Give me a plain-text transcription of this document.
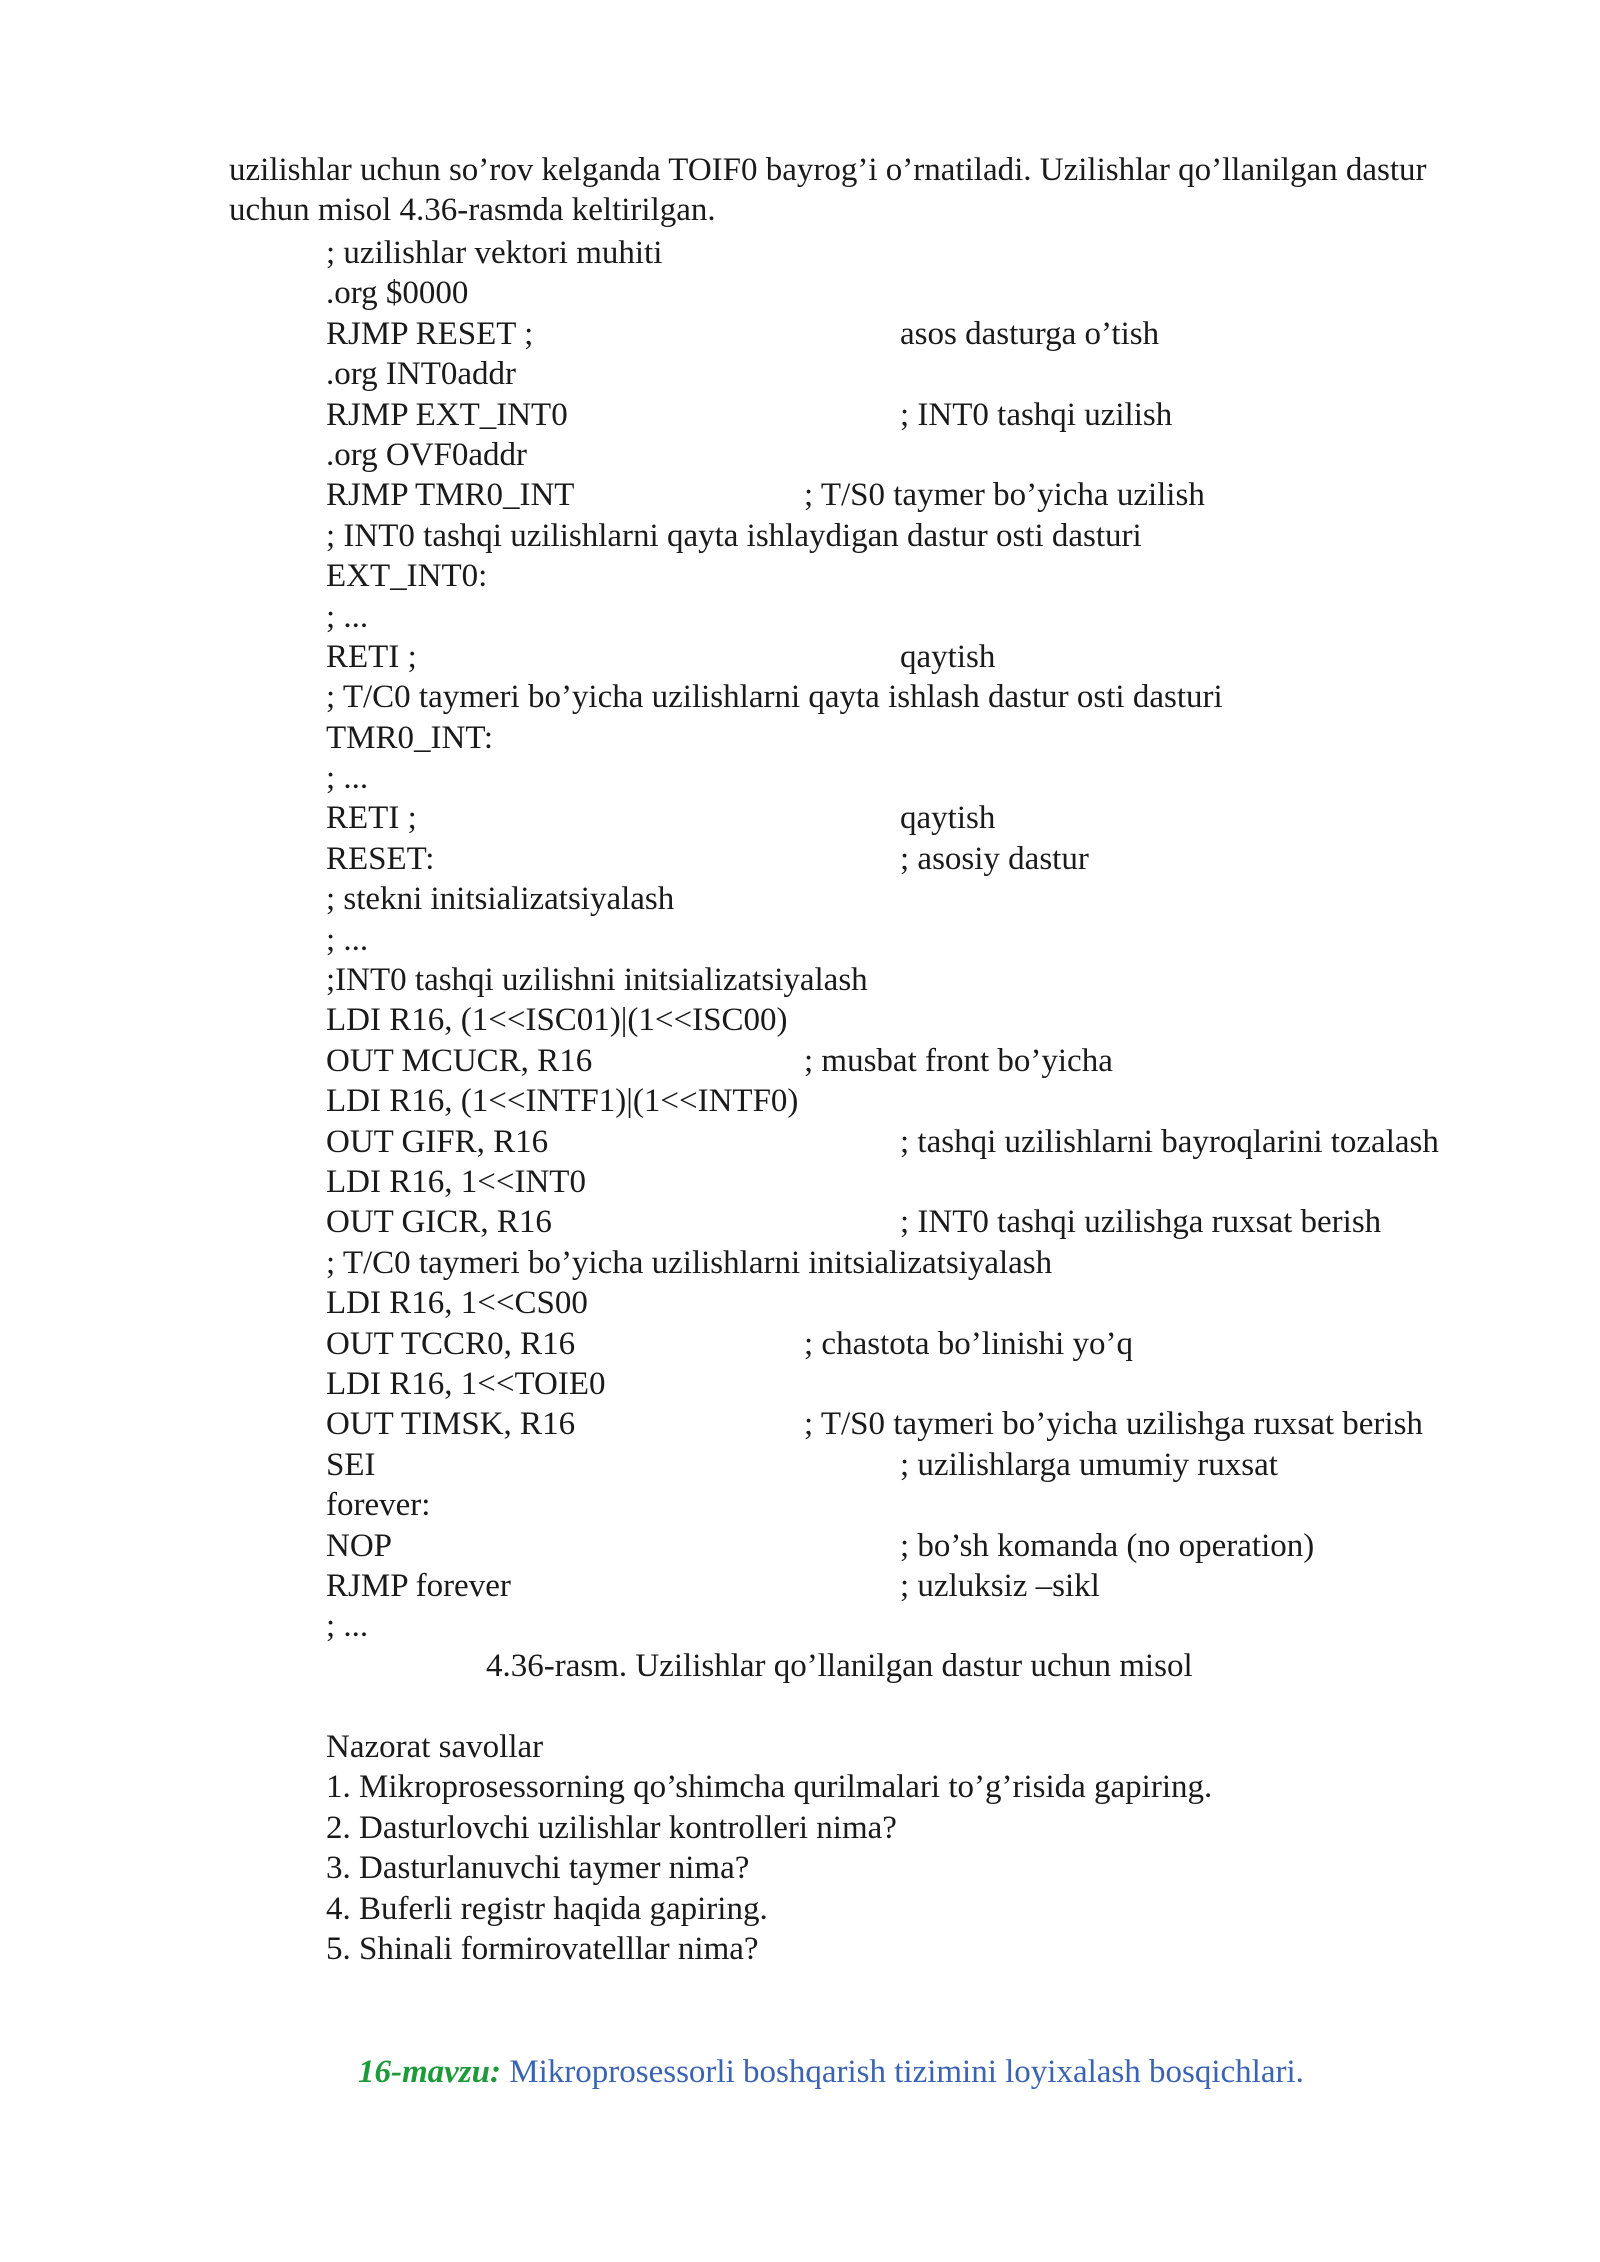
uzilishlar uchun so’rov kelganda TOIF0 bayrog’i o’rnatiladi. Uzilishlar qo’llanilgan dastur uchun misol 4.36-rasmda keltirilgan.

; uzilishlar vektori muhiti
.org $0000
RJMP RESET ;	asos dasturga o’tish
.org INT0addr
RJMP EXT_INT0	; INT0 tashqi uzilish
.org OVF0addr
RJMP TMR0_INT	; T/S0 taymer bo’yicha uzilish
; INT0 tashqi uzilishlarni qayta ishlaydigan dastur osti dasturi
EXT_INT0:
; ...
RETI ;	qaytish
; T/C0 taymeri bo’yicha uzilishlarni qayta ishlash dastur osti dasturi
TMR0_INT:
; ...
RETI ;	qaytish
RESET:	; asosiy dastur
; stekni initsializatsiyalash
; ...
;INT0 tashqi uzilishni initsializatsiyalash
LDI R16, (1<<ISC01)|(1<<ISC00)
OUT MCUCR, R16	; musbat front bo’yicha
LDI R16, (1<<INTF1)|(1<<INTF0)
OUT GIFR, R16	; tashqi uzilishlarni bayroqlarini tozalash
LDI R16, 1<<INT0
OUT GICR, R16	; INT0 tashqi uzilishga ruxsat berish
; T/C0 taymeri bo’yicha uzilishlarni initsializatsiyalash
LDI R16, 1<<CS00
OUT TCCR0, R16	; chastota bo’linishi yo’q
LDI R16, 1<<TOIE0
OUT TIMSK, R16	; T/S0 taymeri bo’yicha uzilishga ruxsat berish
SEI	; uzilishlarga umumiy ruxsat
forever:
NOP	; bo’sh komanda (no operation)
RJMP forever	; uzluksiz –sikl
; ...
4.36-rasm. Uzilishlar qo’llanilgan dastur uchun misol
Nazorat savollar
1. Mikroprosessorning qo’shimcha qurilmalari to’g’risida gapiring.
2. Dasturlovchi uzilishlar kontrolleri nima?
3. Dasturlanuvchi taymer nima?
4. Buferli registr haqida gapiring.
5. Shinali formirovatelllar nima?
16-mavzu: Mikroprosessorli boshqarish tizimini loyixalash bosqichlari.
